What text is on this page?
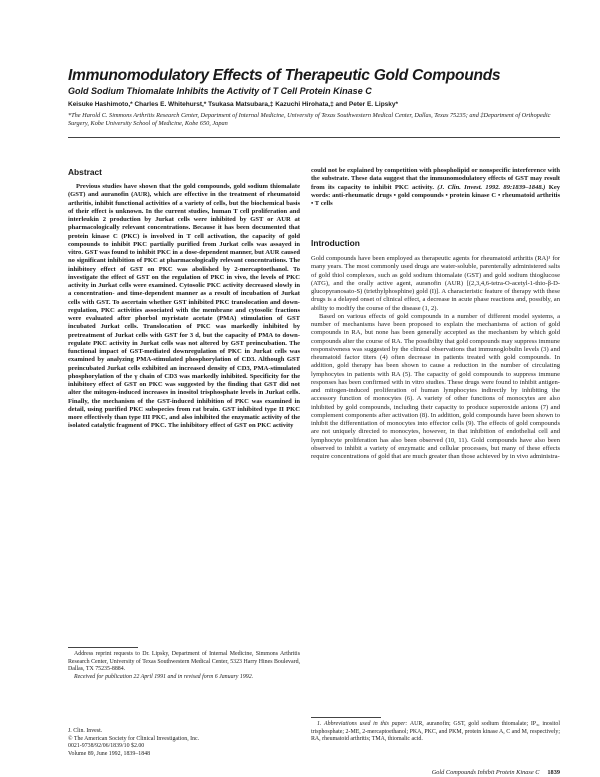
Immunomodulatory Effects of Therapeutic Gold Compounds
Gold Sodium Thiomalate Inhibits the Activity of T Cell Protein Kinase C
Keisuke Hashimoto,* Charles E. Whitehurst,* Tsukasa Matsubara,‡ Kazuchi Hirohata,‡ and Peter E. Lipsky*
*The Harold C. Simmons Arthritis Research Center, Department of Internal Medicine, University of Texas Southwestern Medical Center, Dallas, Texas 75235; and ‡Department of Orthopedic Surgery, Kobe University School of Medicine, Kobe 650, Japan
Abstract

Previous studies have shown that the gold compounds, gold sodium thiomalate (GST) and auranofin (AUR), which are effective in the treatment of rheumatoid arthritis, inhibit functional activities of a variety of cells, but the biochemical basis of their effect is unknown. In the current studies, human T cell proliferation and interleukin 2 production by Jurkat cells were inhibited by GST or AUR at pharmacologically relevant concentrations. Because it has been documented that protein kinase C (PKC) is involved in T cell activation, the capacity of gold compounds to inhibit PKC partially purified from Jurkat cells was assayed in vitro. GST was found to inhibit PKC in a dose-dependent manner, but AUR caused no significant inhibition of PKC at pharmacologically relevant concentrations. The inhibitory effect of GST on PKC was abolished by 2-mercaptoethanol. To investigate the effect of GST on the regulation of PKC in vivo, the levels of PKC activity in Jurkat cells were examined. Cytosolic PKC activity decreased slowly in a concentration- and time-dependent manner as a result of incubation of Jurkat cells with GST. To ascertain whether GST inhibited PKC translocation and down-regulation, PKC activities associated with the membrane and cytosolic fractions were evaluated after phorbol myristate acetate (PMA) stimulation of GST incubated Jurkat cells. Translocation of PKC was markedly inhibited by pretreatment of Jurkat cells with GST for 3 d, but the capacity of PMA to down-regulate PKC activity in Jurkat cells was not altered by GST preincubation. The functional impact of GST-mediated downregulation of PKC in Jurkat cells was examined by analyzing PMA-stimulated phosphorylation of CD3. Although GST preincubated Jurkat cells exhibited an increased density of CD3, PMA-stimulated phosphorylation of the γ chain of CD3 was markedly inhibited. Specificity for the inhibitory effect of GST on PKC was suggested by the finding that GST did not alter the mitogen-induced increases in inositol trisphosphate levels in Jurkat cells. Finally, the mechanism of the GST-induced inhibition of PKC was examined in detail, using purified PKC subspecies from rat brain. GST inhibited type II PKC more effectively than type III PKC, and also inhibited the enzymatic activity of the isolated catalytic fragment of PKC. The inhibitory effect of GST on PKC activity

Address reprint requests to Dr. Lipsky, Department of Internal Medicine, Simmons Arthritis Research Center, University of Texas Southwestern Medical Center, 5323 Harry Hines Boulevard, Dallas, TX 75235-8884.

Received for publication 22 April 1991 and in revised form 6 January 1992.

J. Clin. Invest.
© The American Society for Clinical Investigation, Inc.
0021-9738/92/06/1839/10 $2.00
Volume 89, June 1992, 1839–1848

could not be explained by competition with phospholipid or nonspecific interference with the substrate. These data suggest that the immunomodulatory effects of GST may result from its capacity to inhibit PKC activity. (J. Clin. Invest. 1992. 89:1839–1848.) Key words: anti-rheumatic drugs • gold compounds • protein kinase C • rheumatoid arthritis • T cells

Introduction

Gold compounds have been employed as therapeutic agents for rheumatoid arthritis (RA)¹ for many years. The most commonly used drugs are water-soluble, parenterally administered salts of gold thiol complexes, such as gold sodium thiomalate (GST) and gold sodium thioglucose (ATG), and the orally active agent, auranofin (AUR) [(2,3,4,6-tetra-O-acetyl-1-thio-β-D-glucopyranosato-S) (triethylphosphine) gold (I)]. A characteristic feature of therapy with these drugs is a delayed onset of clinical effect, a decrease in acute phase reactions and, possibly, an ability to modify the course of the disease (1, 2).

Based on various effects of gold compounds in a number of different model systems, a number of mechanisms have been proposed to explain the mechanisms of action of gold compounds in RA, but none has been generally accepted as the mechanism by which gold compounds alter the course of RA. The possibility that gold compounds may suppress immune responsiveness was suggested by the clinical observations that immunoglobulin levels (3) and rheumatoid factor titers (4) often decrease in patients treated with gold compounds. In addition, gold therapy has been shown to cause a reduction in the number of circulating lymphocytes in patients with RA (5). The capacity of gold compounds to suppress immune responses has been confirmed with in vitro studies. These drugs were found to inhibit antigen- and mitogen-induced proliferation of human lymphocytes indirectly by inhibiting the accessory function of monocytes (6). A variety of other functions of monocytes are also inhibited by gold compounds, including their capacity to produce superoxide anions (7) and complement components after activation (8). In addition, gold compounds have been shown to inhibit the differentiation of monocytes into effector cells (9). The effects of gold compounds are not uniquely directed to monocytes, however, in that inhibition of endothelial cell and lymphocyte proliferation has also been observed (10, 11). Gold compounds have also been observed to inhibit a variety of enzymatic and cellular processes, but many of these effects require concentrations of gold that are much greater than those achieved by in vivo administra-

1. Abbreviations used in this paper: AUR, auranofin; GST, gold sodium thiomalate; IP₃, inositol trisphosphate; 2-ME, 2-mercaptoethanol; PKA, PKC, and PKM, protein kinase A, C and M, respectively; RA, rheumatoid arthritis; TMA, thiomalic acid.

Gold Compounds Inhibit Protein Kinase C 1839
